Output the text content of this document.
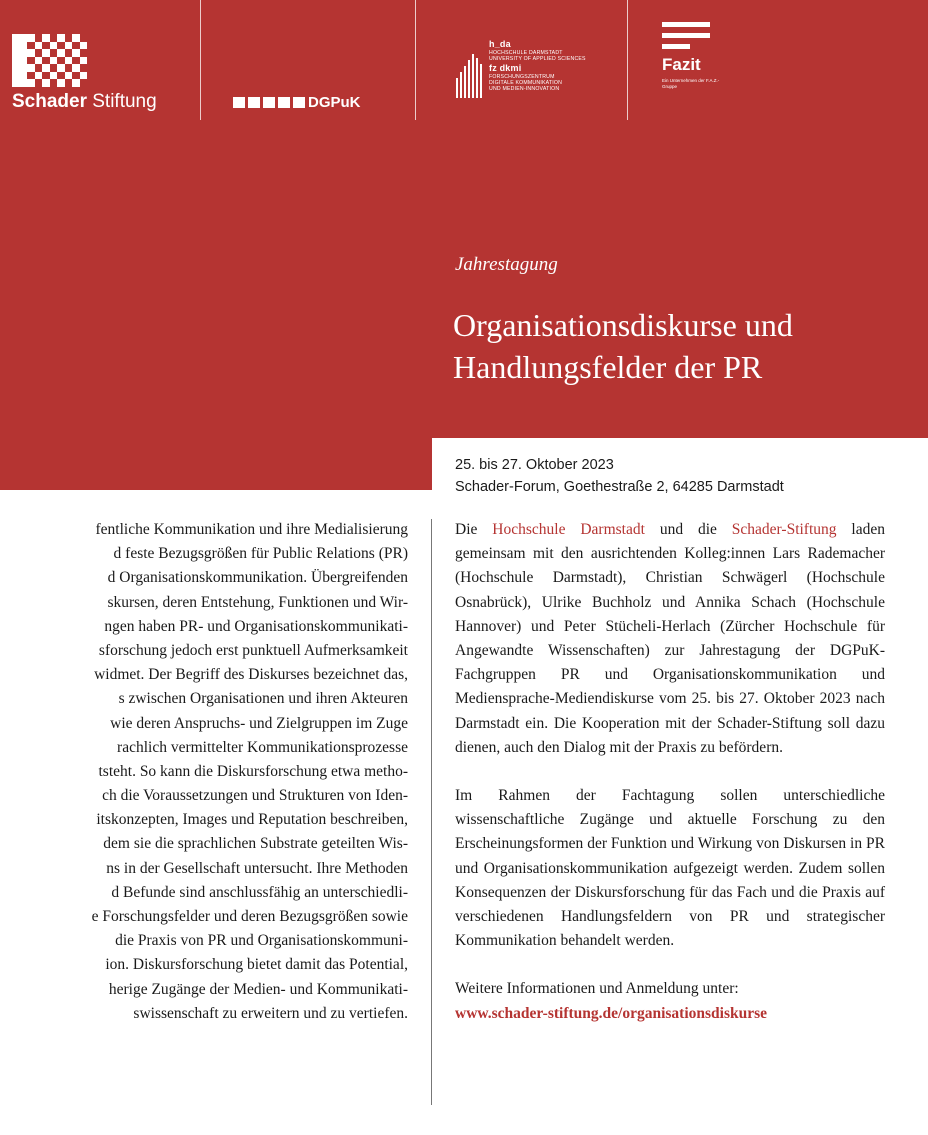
Schader Stiftung	DGPuK
h_da
HOCHSCHULE DARMSTADT
UNIVERSITY OF APPLIED SCIENCES
fz dkmi
FORSCHUNGSZENTRUM
DIGITALE KOMMUNIKATION
UND MEDIEN-INNOVATION
Fazit
Ein Unternehmen der F.A.Z.-Gruppe
Jahrestagung
Organisationsdiskurse und
Handlungsfelder der PR
25. bis 27. Oktober 2023
Schader-Forum, Goethestraße 2, 64285 Darmstadt
fentliche Kommunikation und ihre Medialisierung
d feste Bezugsgrößen für Public Relations (PR)
d Organisationskommunikation. Übergreifenden
skursen, deren Entstehung, Funktionen und Wir-
ngen haben PR- und Organisationskommunikati-
sforschung jedoch erst punktuell Aufmerksamkeit
widmet. Der Begriff des Diskurses bezeichnet das,
s zwischen Organisationen und ihren Akteuren
wie deren Anspruchs- und Zielgruppen im Zuge
rachlich vermittelter Kommunikationsprozesse
tsteht. So kann die Diskursforschung etwa metho-
ch die Voraussetzungen und Strukturen von Iden-
itskonzepten, Images und Reputation beschreiben,
dem sie die sprachlichen Substrate geteilten Wis-
ns in der Gesellschaft untersucht. Ihre Methoden
d Befunde sind anschlussfähig an unterschiedli-
e Forschungsfelder und deren Bezugsgrößen sowie
die Praxis von PR und Organisationskommuni-
ion. Diskursforschung bietet damit das Potential,
herige Zugänge der Medien- und Kommunikati-
swissenschaft zu erweitern und zu vertiefen.

Die Hochschule Darmstadt und die Schader-Stiftung laden gemeinsam mit den ausrichtenden Kolleg:innen Lars Rademacher (Hochschule Darmstadt), Christian Schwägerl (Hochschule Osnabrück), Ulrike Buchholz und Annika Schach (Hochschule Hannover) und Peter Stücheli-Herlach (Zürcher Hochschule für Angewandte Wissenschaften) zur Jahrestagung der DGPuK-Fachgruppen PR und Organisationskommunikation und Mediensprache-Mediendiskurse vom 25. bis 27. Oktober 2023 nach Darmstadt ein. Die Kooperation mit der Schader-Stiftung soll dazu dienen, auch den Dialog mit der Praxis zu befördern.

Im Rahmen der Fachtagung sollen unterschiedliche wissenschaftliche Zugänge und aktuelle Forschung zu den Erscheinungsformen der Funktion und Wirkung von Diskursen in PR und Organisationskommunikation aufgezeigt werden. Zudem sollen Konsequenzen der Diskursforschung für das Fach und die Praxis auf verschiedenen Handlungsfeldern von PR und strategischer Kommunikation behandelt werden.

Weitere Informationen und Anmeldung unter:

www.schader-stiftung.de/organisationsdiskurse
